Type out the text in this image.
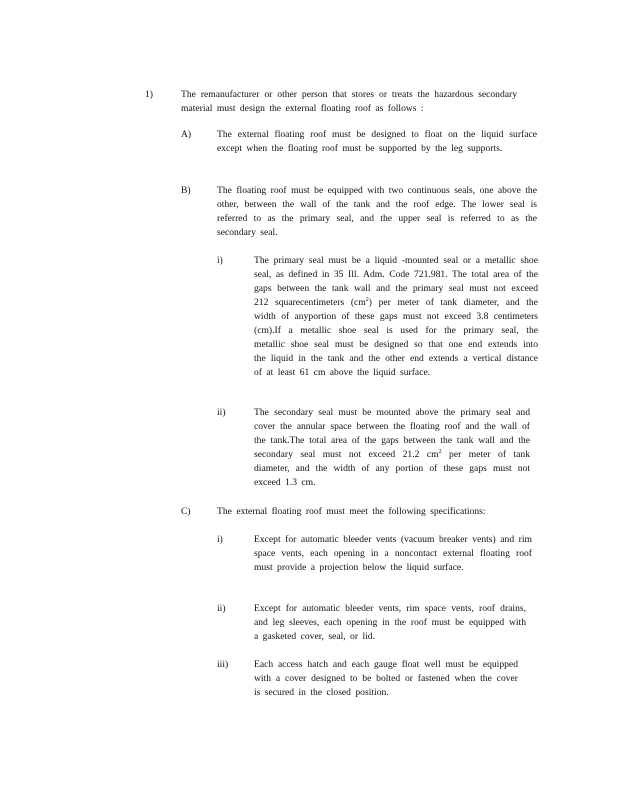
1)	The remanufacturer or other person that stores or treats the hazardous secondary material must design the external floating roof as follows :
A)	The external floating roof must be designed to float on the liquid surface except when the floating roof must be supported by the leg supports.
B)	The floating roof must be equipped with two continuous seals, one above the other, between the wall of the tank and the roof edge. The lower seal is referred to as the primary seal, and the upper seal is referred to as the secondary seal.
i)	The primary seal must be a liquid -mounted seal or a metallic shoe seal, as defined in 35 Ill. Adm. Code 721.981. The total area of the gaps between the tank wall and the primary seal must not exceed 212 squarecentimeters $(cm^2)$ per meter of tank diameter, and the width of anyportion of these gaps must not exceed 3.8 centimeters (cm).If a metallic shoe seal is used for the primary seal, the metallic shoe seal must be designed so that one end extends into the liquid in the tank and the other end extends a vertical distance of at least 61 cm above the liquid surface.
ii)	The secondary seal must be mounted above the primary seal and cover the annular space between the floating roof and the wall of the tank.The total area of the gaps between the tank wall and the secondary seal must not exceed 21.2 $cm^2$ per meter of tank diameter, and the width of any portion of these gaps must not exceed 1.3 cm.
C)	The external floating roof must meet the following specifications:
i)	Except for automatic bleeder vents (vacuum breaker vents) and rim space vents, each opening in a noncontact external floating roof must provide a projection below the liquid surface.
ii)	Except for automatic bleeder vents, rim space vents, roof drains, and leg sleeves, each opening in the roof must be equipped with a gasketed cover, seal, or lid.
iii)	Each access hatch and each gauge float well must be equipped with a cover designed to be bolted or fastened when the cover is secured in the closed position.
